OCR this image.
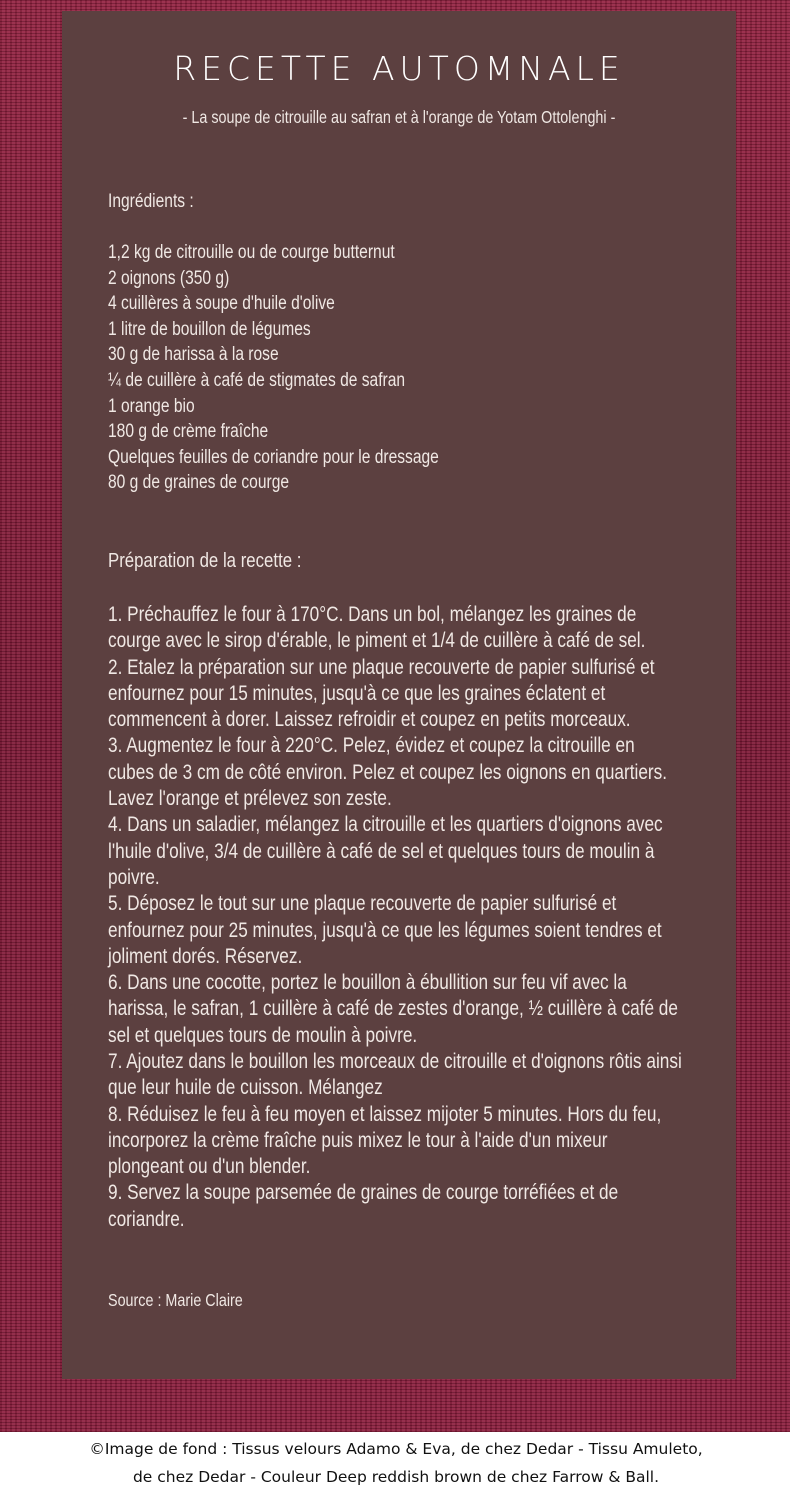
RECETTE AUTOMNALE

- La soupe de citrouille au safran et à l'orange de Yotam Ottolenghi -

Ingrédients :
1,2 kg de citrouille ou de courge butternut
2 oignons (350 g)
4 cuillères à soupe d'huile d'olive
1 litre de bouillon de légumes
30 g de harissa à la rose
¼ de cuillère à café de stigmates de safran
1 orange bio
180 g de crème fraîche
Quelques feuilles de coriandre pour le dressage
80 g de graines de courge
Préparation de la recette :
1. Préchauffez le four à 170°C. Dans un bol, mélangez les graines de courge avec le sirop d'érable, le piment et 1/4 de cuillère à café de sel.
2. Etalez la préparation sur une plaque recouverte de papier sulfurisé et enfournez pour 15 minutes, jusqu'à ce que les graines éclatent et commencent à dorer. Laissez refroidir et coupez en petits morceaux.
3. Augmentez le four à 220°C. Pelez, évidez et coupez la citrouille en cubes de 3 cm de côté environ. Pelez et coupez les oignons en quartiers. Lavez l'orange et prélevez son zeste.
4. Dans un saladier, mélangez la citrouille et les quartiers d'oignons avec l'huile d'olive, 3/4 de cuillère à café de sel et quelques tours de moulin à poivre.
5. Déposez le tout sur une plaque recouverte de papier sulfurisé et enfournez pour 25 minutes, jusqu'à ce que les légumes soient tendres et joliment dorés. Réservez.
6. Dans une cocotte, portez le bouillon à ébullition sur feu vif avec la harissa, le safran, 1 cuillère à café de zestes d'orange, ½ cuillère à café de sel et quelques tours de moulin à poivre.
7. Ajoutez dans le bouillon les morceaux de citrouille et d'oignons rôtis ainsi que leur huile de cuisson. Mélangez
8. Réduisez le feu à feu moyen et laissez mijoter 5 minutes. Hors du feu, incorporez la crème fraîche puis mixez le tour à l'aide d'un mixeur plongeant ou d'un blender.
9. Servez la soupe parsemée de graines de courge torréfiées et de coriandre.
Source : Marie Claire
©Image de fond : Tissus velours Adamo & Eva, de chez Dedar - Tissu Amuleto,
de chez Dedar - Couleur Deep reddish brown de chez Farrow & Ball.
